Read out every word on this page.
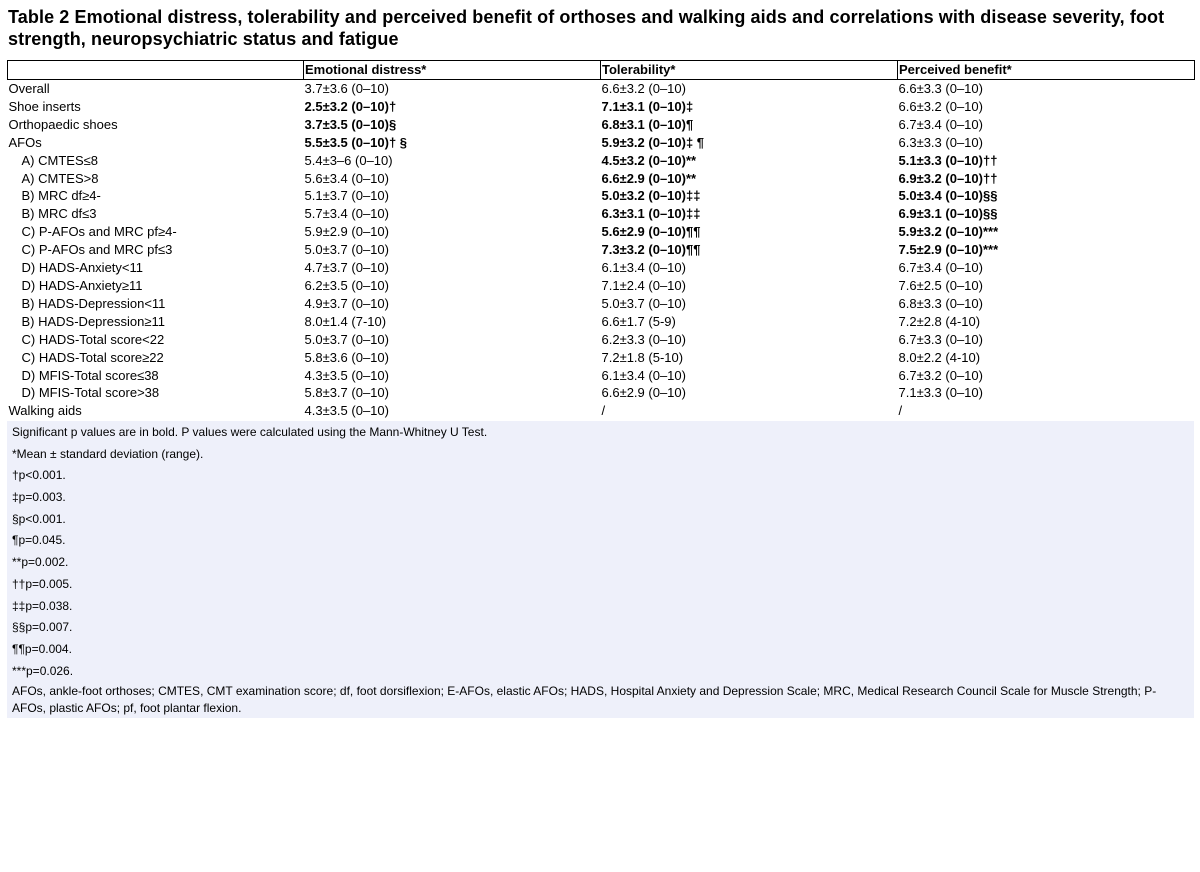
Table 2 Emotional distress, tolerability and perceived benefit of orthoses and walking aids and correlations with disease severity, foot strength, neuropsychiatric status and fatigue
	Emotional distress*	Tolerability*	Perceived benefit*
Overall	3.7±3.6 (0–10)	6.6±3.2 (0–10)	6.6±3.3 (0–10)
Shoe inserts	2.5±3.2 (0–10)†	7.1±3.1 (0–10)‡	6.6±3.2 (0–10)
Orthopaedic shoes	3.7±3.5 (0–10)§	6.8±3.1 (0–10)¶	6.7±3.4 (0–10)
AFOs	5.5±3.5 (0–10)† §	5.9±3.2 (0–10)‡ ¶	6.3±3.3 (0–10)
A) CMTES≤8	5.4±3–6 (0–10)	4.5±3.2 (0–10)**	5.1±3.3 (0–10)††
A) CMTES>8	5.6±3.4 (0–10)	6.6±2.9 (0–10)**	6.9±3.2 (0–10)††
B) MRC df≥4-	5.1±3.7 (0–10)	5.0±3.2 (0–10)‡‡	5.0±3.4 (0–10)§§
B) MRC df≤3	5.7±3.4 (0–10)	6.3±3.1 (0–10)‡‡	6.9±3.1 (0–10)§§
C) P-AFOs and MRC pf≥4-	5.9±2.9 (0–10)	5.6±2.9 (0–10)¶¶	5.9±3.2 (0–10)***
C) P-AFOs and MRC pf≤3	5.0±3.7 (0–10)	7.3±3.2 (0–10)¶¶	7.5±2.9 (0–10)***
D) HADS-Anxiety<11	4.7±3.7 (0–10)	6.1±3.4 (0–10)	6.7±3.4 (0–10)
D) HADS-Anxiety≥11	6.2±3.5 (0–10)	7.1±2.4 (0–10)	7.6±2.5 (0–10)
B) HADS-Depression<11	4.9±3.7 (0–10)	5.0±3.7 (0–10)	6.8±3.3 (0–10)
B) HADS-Depression≥11	8.0±1.4 (7-10)	6.6±1.7 (5-9)	7.2±2.8 (4-10)
C) HADS-Total score<22	5.0±3.7 (0–10)	6.2±3.3 (0–10)	6.7±3.3 (0–10)
C) HADS-Total score≥22	5.8±3.6 (0–10)	7.2±1.8 (5-10)	8.0±2.2 (4-10)
D) MFIS-Total score≤38	4.3±3.5 (0–10)	6.1±3.4 (0–10)	6.7±3.2 (0–10)
D) MFIS-Total score>38	5.8±3.7 (0–10)	6.6±2.9 (0–10)	7.1±3.3 (0–10)
Walking aids	4.3±3.5 (0–10)	/	/
Significant p values are in bold. P values were calculated using the Mann-Whitney U Test.
*Mean ± standard deviation (range).
†p<0.001.
‡p=0.003.
§p<0.001.
¶p=0.045.
**p=0.002.
††p=0.005.
‡‡p=0.038.
§§p=0.007.
¶¶p=0.004.
***p=0.026.
AFOs, ankle-foot orthoses; CMTES, CMT examination score; df, foot dorsiflexion; E-AFOs, elastic AFOs; HADS, Hospital Anxiety and Depression Scale; MRC, Medical Research Council Scale for Muscle Strength; P-AFOs, plastic AFOs; pf, foot plantar flexion.
